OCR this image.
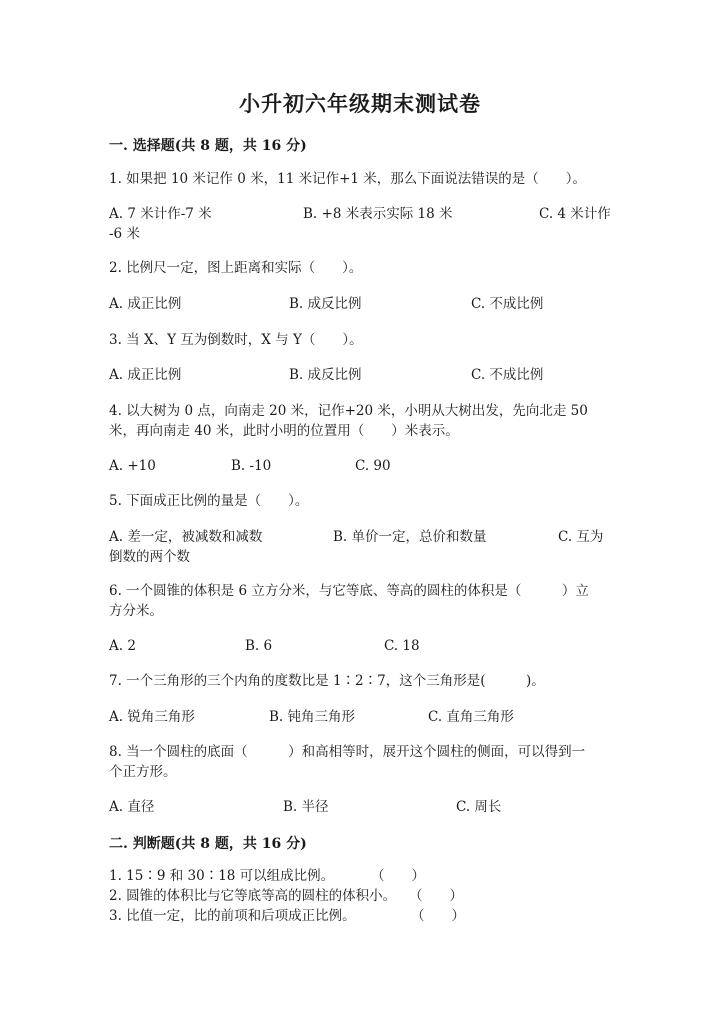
小升初六年级期末测试卷
一. 选择题(共 8 题，共 16 分)
1. 如果把 10 米记作 0 米，11 米记作+1 米，那么下面说法错误的是（　　）。
A. 7 米计作-7 米	B. +8 米表示实际 18 米	C. 4 米计作
-6 米
2. 比例尺一定，图上距离和实际（　　）。
A. 成正比例	B. 成反比例	C. 不成比例
3. 当 X、Y 互为倒数时，X 与 Y（　　）。
A. 成正比例	B. 成反比例	C. 不成比例
4. 以大树为 0 点，向南走 20 米，记作+20 米，小明从大树出发，先向北走 50
米，再向南走 40 米，此时小明的位置用（　　）米表示。
A. +10	B. -10	C. 90
5. 下面成正比例的量是（　　）。
A. 差一定，被减数和减数	B. 单价一定，总价和数量	C. 互为
倒数的两个数
6. 一个圆锥的体积是 6 立方分米，与它等底、等高的圆柱的体积是（　　　）立
方分米。
A. 2	B. 6	C. 18
7. 一个三角形的三个内角的度数比是 1∶2∶7，这个三角形是(　　　)。
A. 锐角三角形	B. 钝角三角形	C. 直角三角形
8. 当一个圆柱的底面（　　　）和高相等时，展开这个圆柱的侧面，可以得到一
个正方形。
A. 直径	B. 半径	C. 周长
二. 判断题(共 8 题，共 16 分)
1. 15∶9 和 30∶18 可以组成比例。	（　　）
2. 圆锥的体积比与它等底等高的圆柱的体积小。 （　　）
3. 比值一定，比的前项和后项成正比例。	（　　）
